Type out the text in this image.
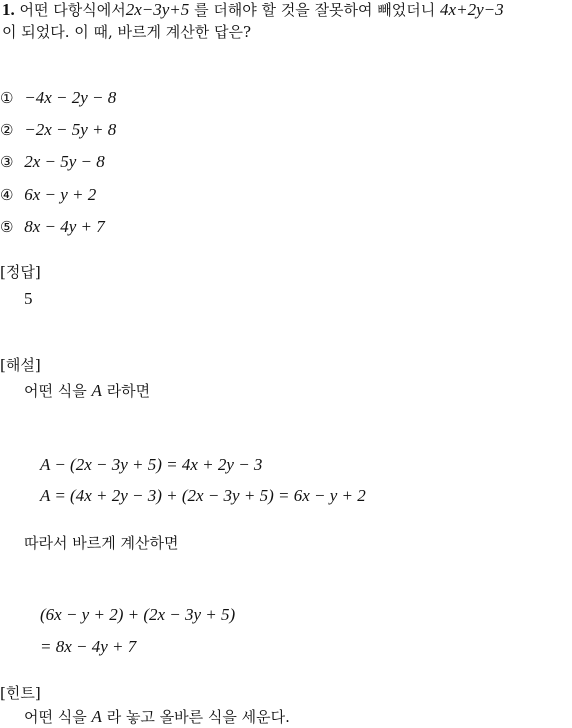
1. 어떤 다항식에서2x−3y+5 를 더해야 할 것을 잘못하여 빼었더니 4x+2y−3
이 되었다. 이 때, 바르게 계산한 답은?
① −4x − 2y − 8
② −2x − 5y + 8
③ 2x − 5y − 8
④ 6x − y + 2
⑤ 8x − 4y + 7
[정답]
5
[해설]
어떤 식을 A 라하면
A − (2x − 3y + 5) = 4x + 2y − 3
A = (4x + 2y − 3) + (2x − 3y + 5) = 6x − y + 2
따라서 바르게 계산하면
(6x − y + 2) + (2x − 3y + 5)
= 8x − 4y + 7
[힌트]
어떤 식을 A 라 놓고 올바른 식을 세운다.
